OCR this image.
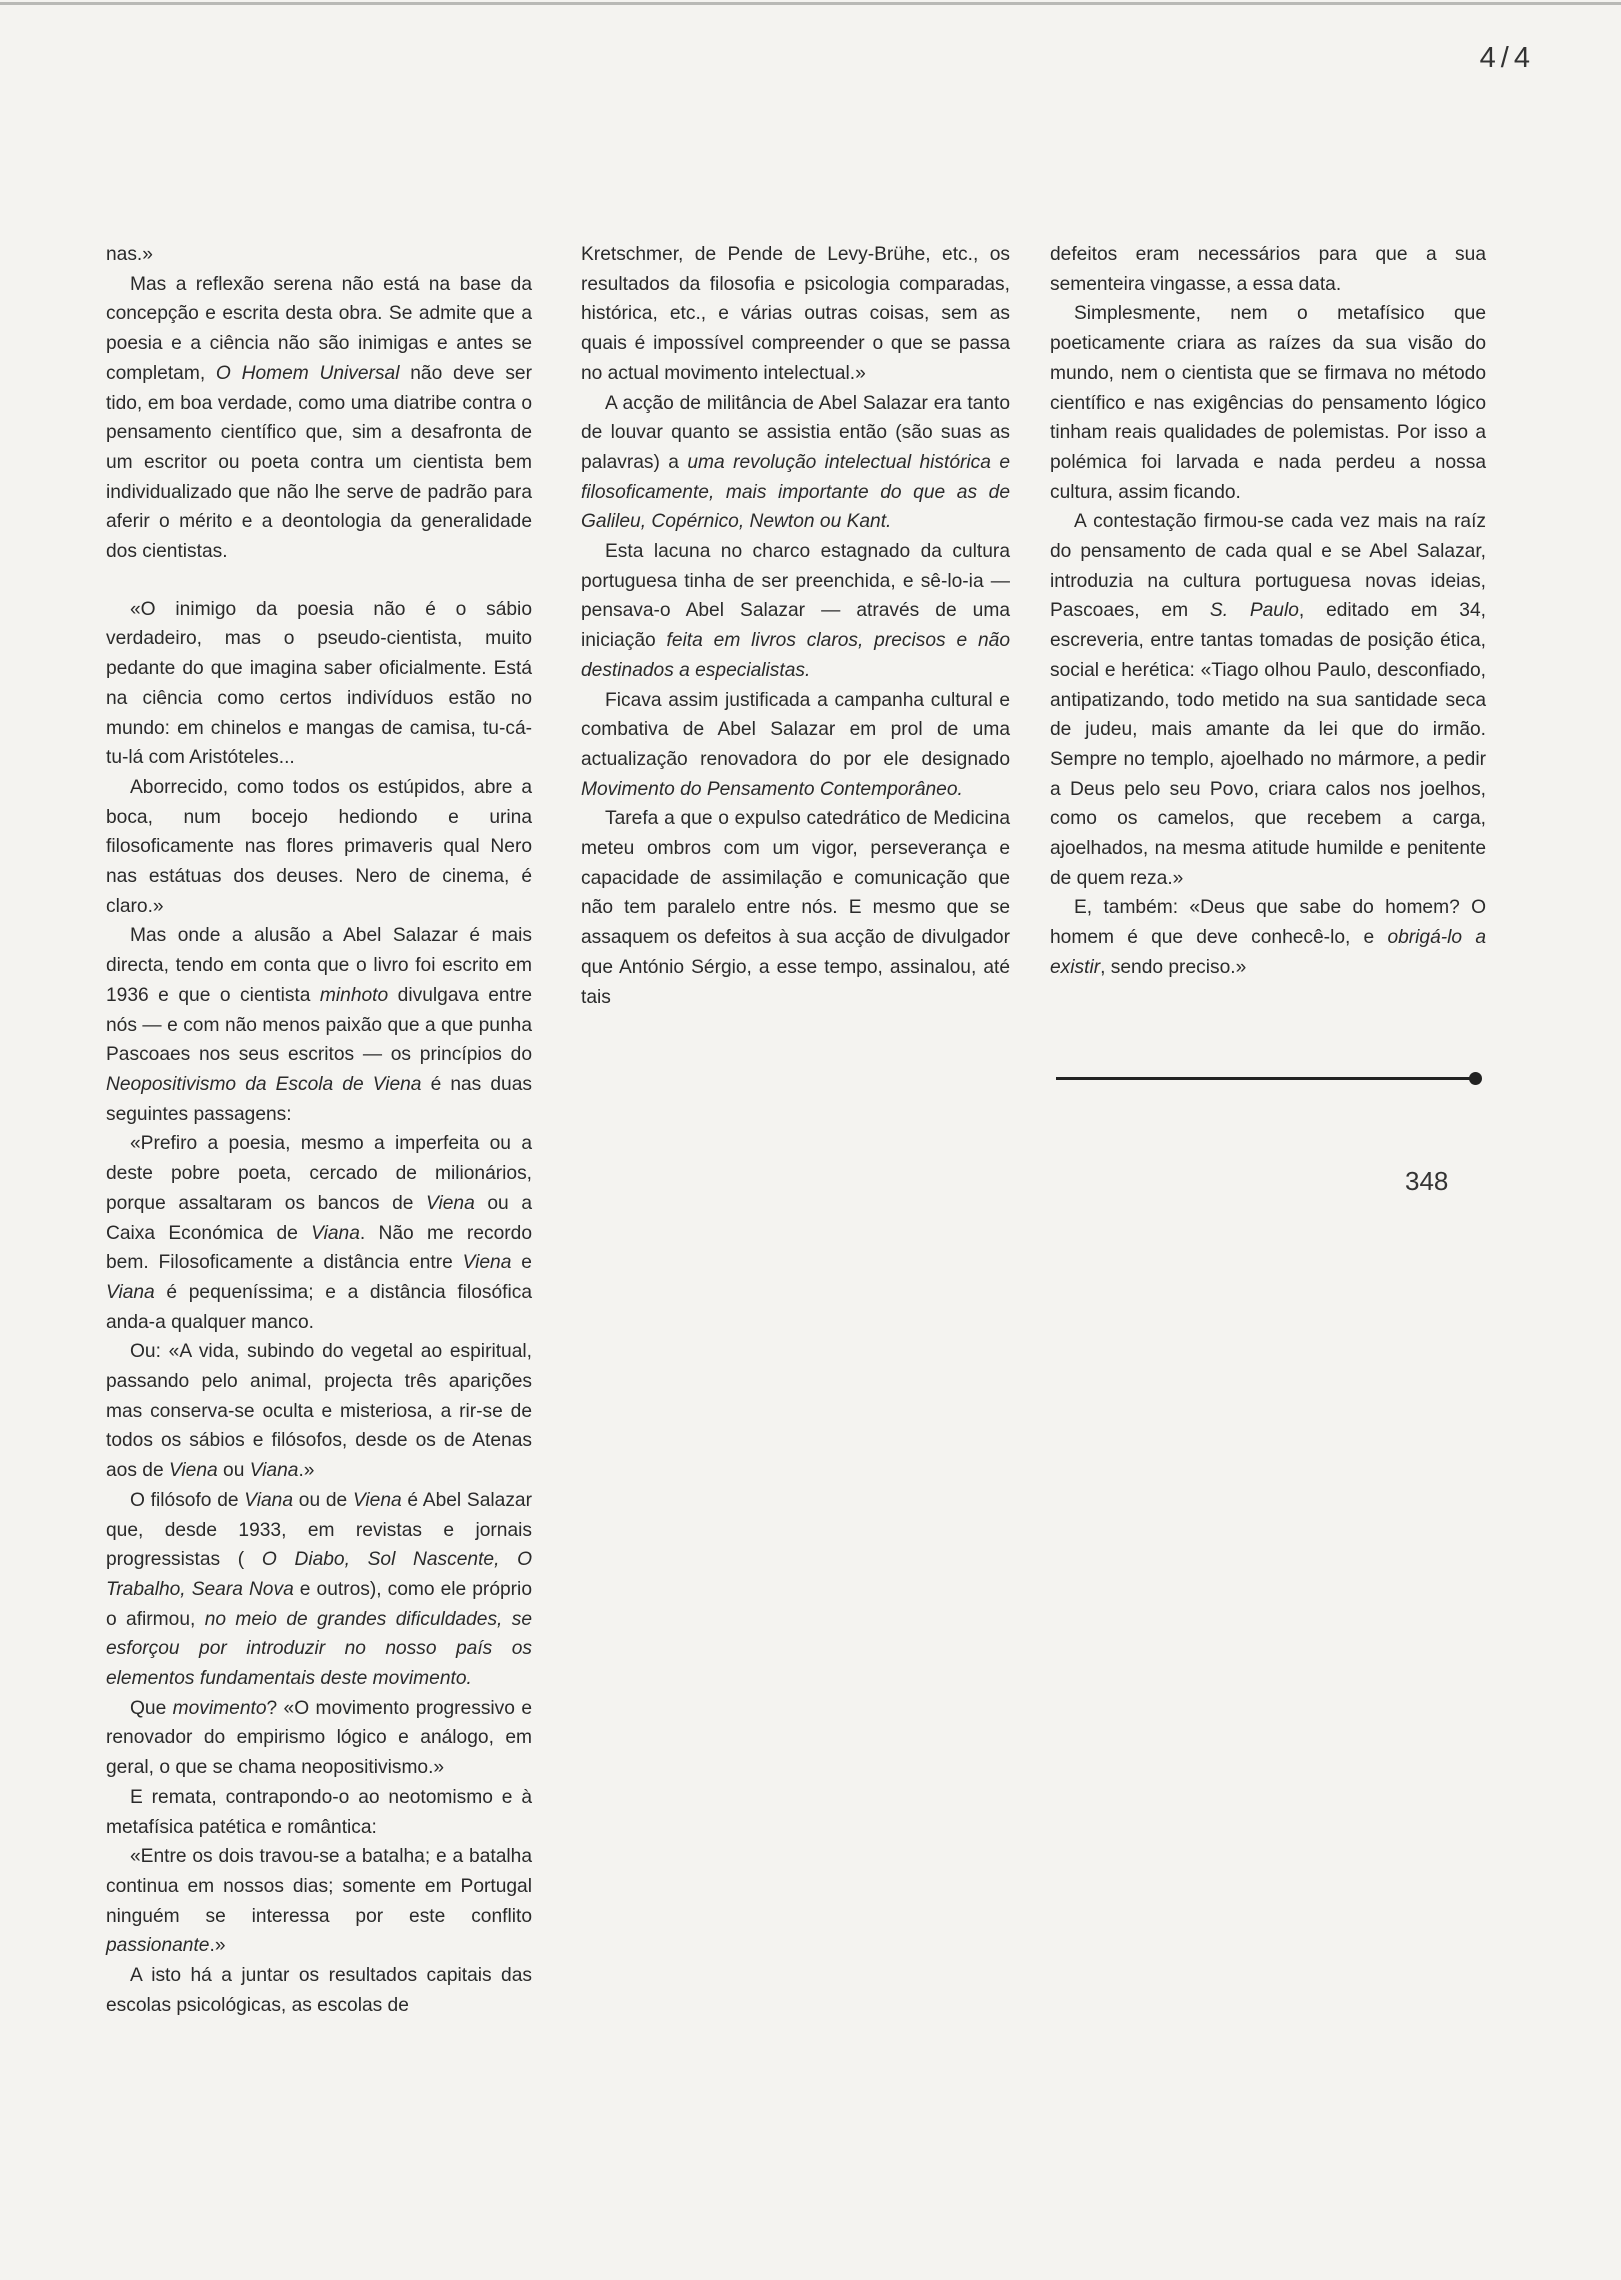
4/4

nas.»

Mas a reflexão serena não está na base da concepção e escrita desta obra. Se admite que a poesia e a ciência não são inimigas e antes se completam, O Homem Universal não deve ser tido, em boa verdade, como uma diatribe contra o pensamento científico que, sim a desafronta de um escritor ou poeta contra um cientista bem individualizado que não lhe serve de padrão para aferir o mérito e a deontologia da generalidade dos cientistas.

«O inimigo da poesia não é o sábio verdadeiro, mas o pseudo-cientista, muito pedante do que imagina saber oficialmente. Está na ciência como certos indivíduos estão no mundo: em chinelos e mangas de camisa, tu-cá-tu-lá com Aristóteles...

Aborrecido, como todos os estúpidos, abre a boca, num bocejo hediondo e urina filosoficamente nas flores primaveris qual Nero nas estátuas dos deuses. Nero de cinema, é claro.»

Mas onde a alusão a Abel Salazar é mais directa, tendo em conta que o livro foi escrito em 1936 e que o cientista minhoto divulgava entre nós — e com não menos paixão que a que punha Pascoaes nos seus escritos — os princípios do Neopositivismo da Escola de Viena é nas duas seguintes passagens:

«Prefiro a poesia, mesmo a imperfeita ou a deste pobre poeta, cercado de milionários, porque assaltaram os bancos de Viena ou a Caixa Económica de Viana. Não me recordo bem. Filosoficamente a distância entre Viena e Viana é pequeníssima; e a distância filosófica anda-a qualquer manco.

Ou: «A vida, subindo do vegetal ao espiritual, passando pelo animal, projecta três aparições mas conserva-se oculta e misteriosa, a rir-se de todos os sábios e filósofos, desde os de Atenas aos de Viena ou Viana.»

O filósofo de Viana ou de Viena é Abel Salazar que, desde 1933, em revistas e jornais progressistas ( O Diabo, Sol Nascente, O Trabalho, Seara Nova e outros), como ele próprio o afirmou, no meio de grandes dificuldades, se esforçou por introduzir no nosso país os elementos fundamentais deste movimento.

Que movimento? «O movimento progressivo e renovador do empirismo lógico e análogo, em geral, o que se chama neopositivismo.»

E remata, contrapondo-o ao neotomismo e à metafísica patética e romântica:

«Entre os dois travou-se a batalha; e a batalha continua em nossos dias; somente em Portugal ninguém se interessa por este conflito passionante.»

A isto há a juntar os resultados capitais das escolas psicológicas, as escolas de

Kretschmer, de Pende de Levy-Brühe, etc., os resultados da filosofia e psicologia comparadas, histórica, etc., e várias outras coisas, sem as quais é impossível compreender o que se passa no actual movimento intelectual.»

A acção de militância de Abel Salazar era tanto de louvar quanto se assistia então (são suas as palavras) a uma revolução intelectual histórica e filosoficamente, mais importante do que as de Galileu, Copérnico, Newton ou Kant.

Esta lacuna no charco estagnado da cultura portuguesa tinha de ser preenchida, e sê-lo-ia — pensava-o Abel Salazar — através de uma iniciação feita em livros claros, precisos e não destinados a especialistas.

Ficava assim justificada a campanha cultural e combativa de Abel Salazar em prol de uma actualização renovadora do por ele designado Movimento do Pensamento Contemporâneo.

Tarefa a que o expulso catedrático de Medicina meteu ombros com um vigor, perseverança e capacidade de assimilação e comunicação que não tem paralelo entre nós. E mesmo que se assaquem os defeitos à sua acção de divulgador que António Sérgio, a esse tempo, assinalou, até tais

defeitos eram necessários para que a sua sementeira vingasse, a essa data.

Simplesmente, nem o metafísico que poeticamente criara as raízes da sua visão do mundo, nem o cientista que se firmava no método científico e nas exigências do pensamento lógico tinham reais qualidades de polemistas. Por isso a polémica foi larvada e nada perdeu a nossa cultura, assim ficando.

A contestação firmou-se cada vez mais na raíz do pensamento de cada qual e se Abel Salazar, introduzia na cultura portuguesa novas ideias, Pascoaes, em S. Paulo, editado em 34, escreveria, entre tantas tomadas de posição ética, social e herética: «Tiago olhou Paulo, desconfiado, antipatizando, todo metido na sua santidade seca de judeu, mais amante da lei que do irmão. Sempre no templo, ajoelhado no mármore, a pedir a Deus pelo seu Povo, criara calos nos joelhos, como os camelos, que recebem a carga, ajoelhados, na mesma atitude humilde e penitente de quem reza.»

E, também: «Deus que sabe do homem? O homem é que deve conhecê-lo, e obrigá-lo a existir, sendo preciso.»

348
